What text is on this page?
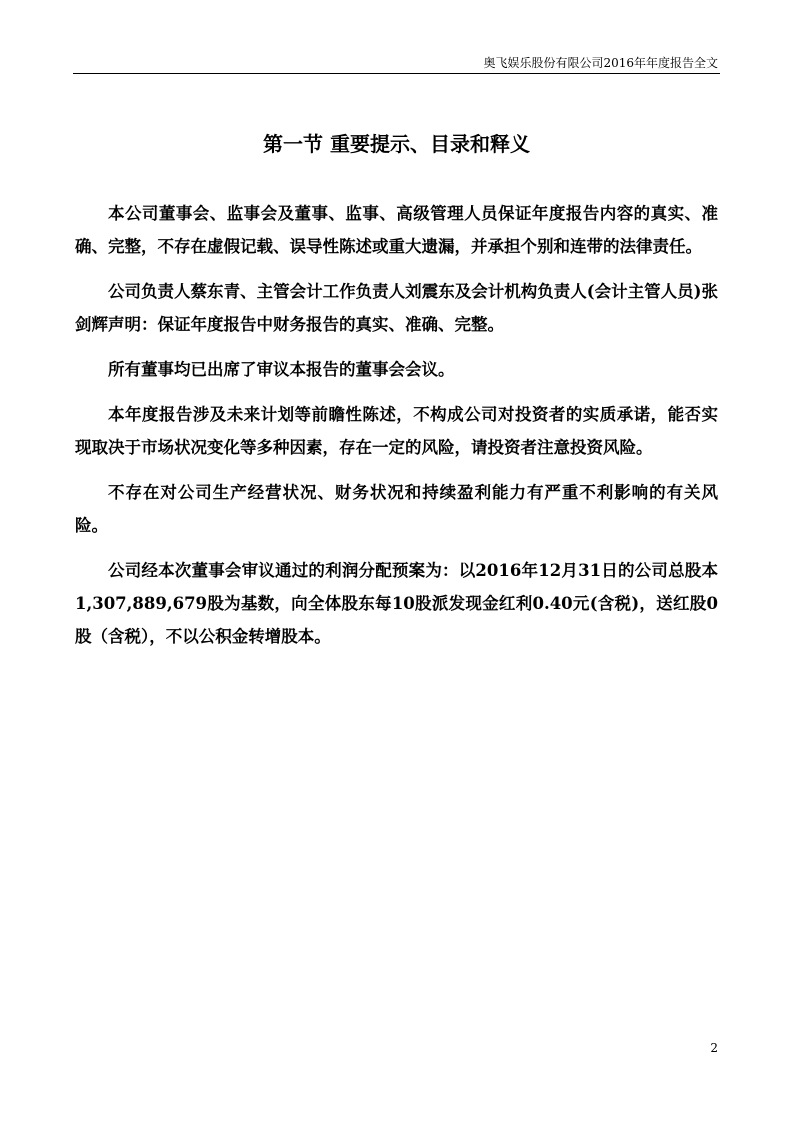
奥飞娱乐股份有限公司2016年年度报告全文
第一节 重要提示、目录和释义

本公司董事会、监事会及董事、监事、高级管理人员保证年度报告内容的真实、准确、完整，不存在虚假记载、误导性陈述或重大遗漏，并承担个别和连带的法律责任。

公司负责人蔡东青、主管会计工作负责人刘震东及会计机构负责人(会计主管人员)张剑辉声明：保证年度报告中财务报告的真实、准确、完整。

所有董事均已出席了审议本报告的董事会会议。

本年度报告涉及未来计划等前瞻性陈述，不构成公司对投资者的实质承诺，能否实现取决于市场状况变化等多种因素，存在一定的风险，请投资者注意投资风险。

不存在对公司生产经营状况、财务状况和持续盈利能力有严重不利影响的有关风险。

公司经本次董事会审议通过的利润分配预案为：以2016年12月31日的公司总股本1,307,889,679股为基数，向全体股东每10股派发现金红利0.40元(含税)，送红股0股（含税），不以公积金转增股本。

2
